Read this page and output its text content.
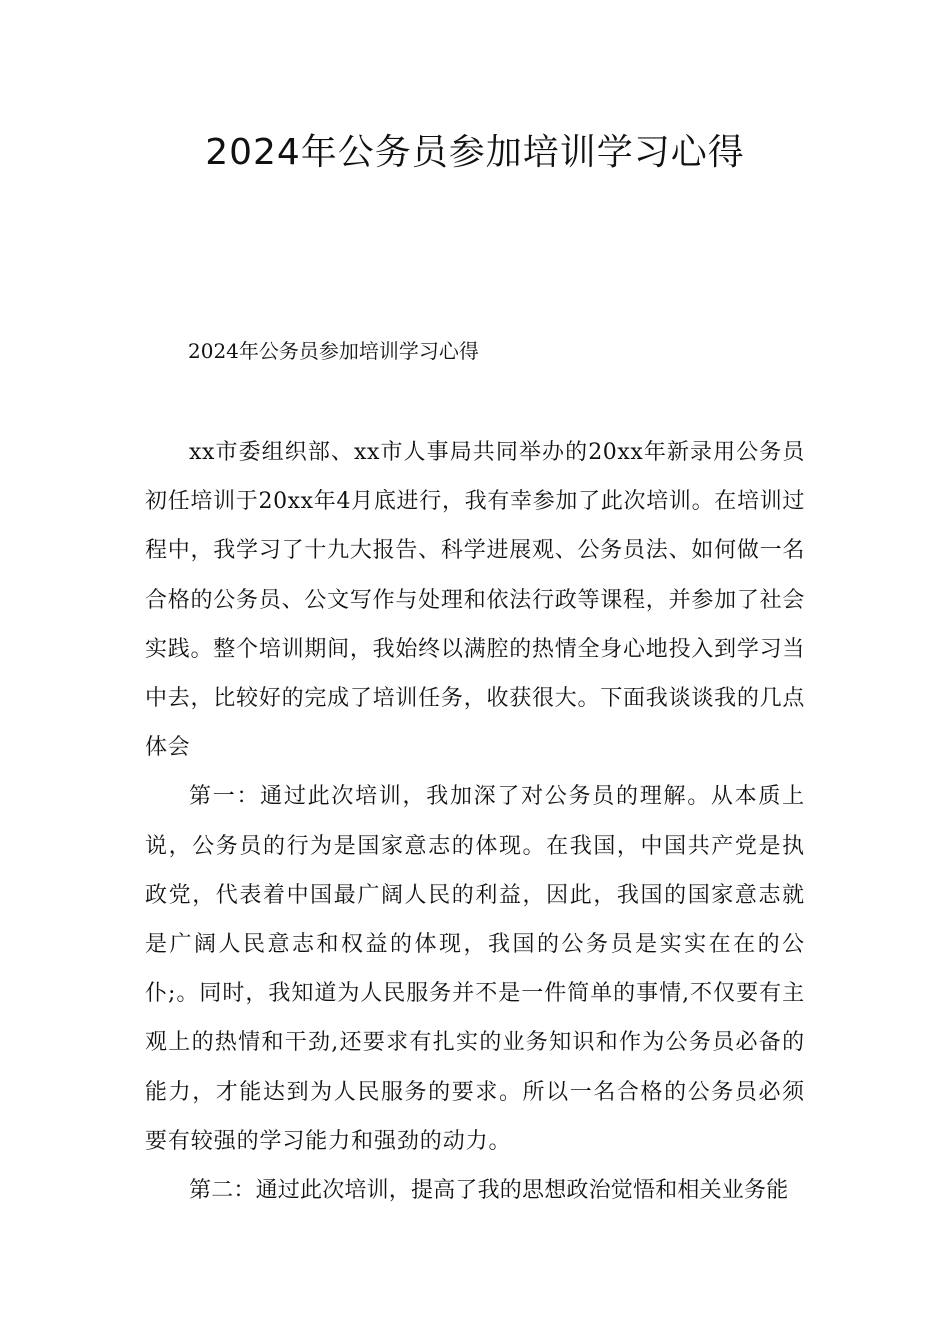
2024年公务员参加培训学习心得

2024年公务员参加培训学习心得

xx市委组织部、xx市人事局共同举办的20xx年新录用公务员初任培训于20xx年4月底进行，我有幸参加了此次培训。在培训过程中，我学习了十九大报告、科学进展观、公务员法、如何做一名合格的公务员、公文写作与处理和依法行政等课程，并参加了社会实践。整个培训期间，我始终以满腔的热情全身心地投入到学习当中去，比较好的完成了培训任务，收获很大。下面我谈谈我的几点体会

第一：通过此次培训，我加深了对公务员的理解。从本质上说，公务员的行为是国家意志的体现。在我国，中国共产党是执政党，代表着中国最广阔人民的利益，因此，我国的国家意志就是广阔人民意志和权益的体现，我国的公务员是实实在在的公仆;。同时，我知道为人民服务并不是一件简单的事情,不仅要有主观上的热情和干劲,还要求有扎实的业务知识和作为公务员必备的能力，才能达到为人民服务的要求。所以一名合格的公务员必须要有较强的学习能力和强劲的动力。

第二：通过此次培训，提高了我的思想政治觉悟和相关业务能
